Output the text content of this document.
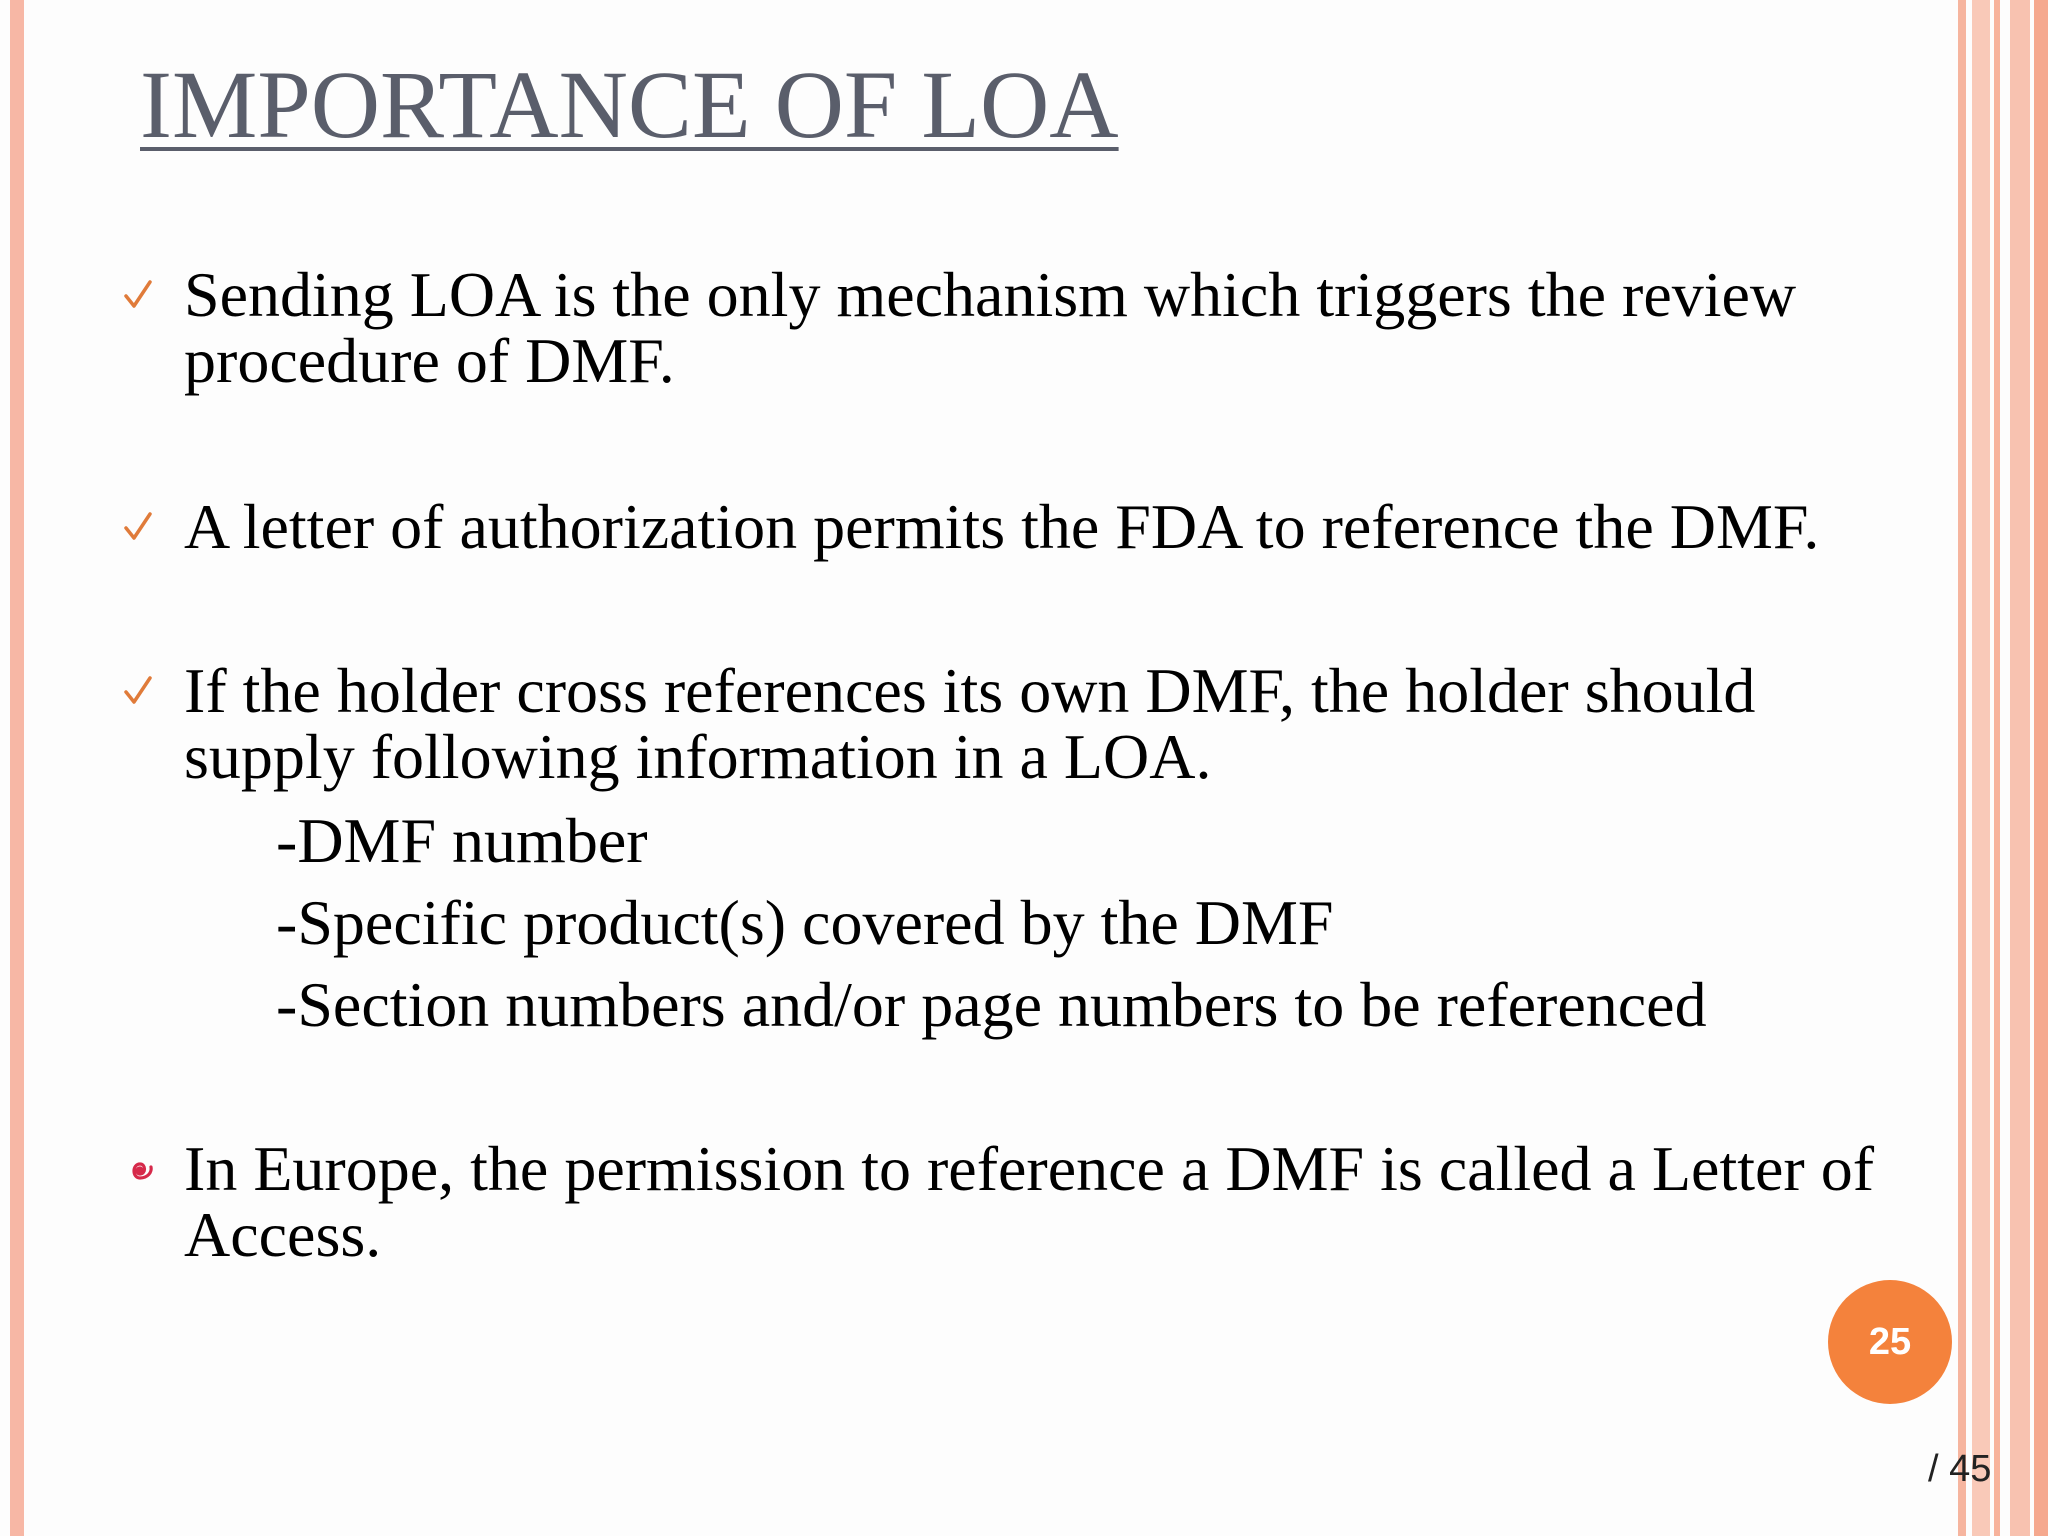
IMPORTANCE OF LOA
Sending LOA is the only mechanism which triggers the review
procedure of DMF.
A letter of authorization permits the FDA to reference the DMF.
If the holder cross references its own DMF, the holder should
supply following information in a LOA.
-DMF number
-Specific product(s) covered by the DMF
-Section numbers and/or page numbers to be referenced
In Europe, the permission to reference a DMF is called a Letter of
Access.
25
/ 45
